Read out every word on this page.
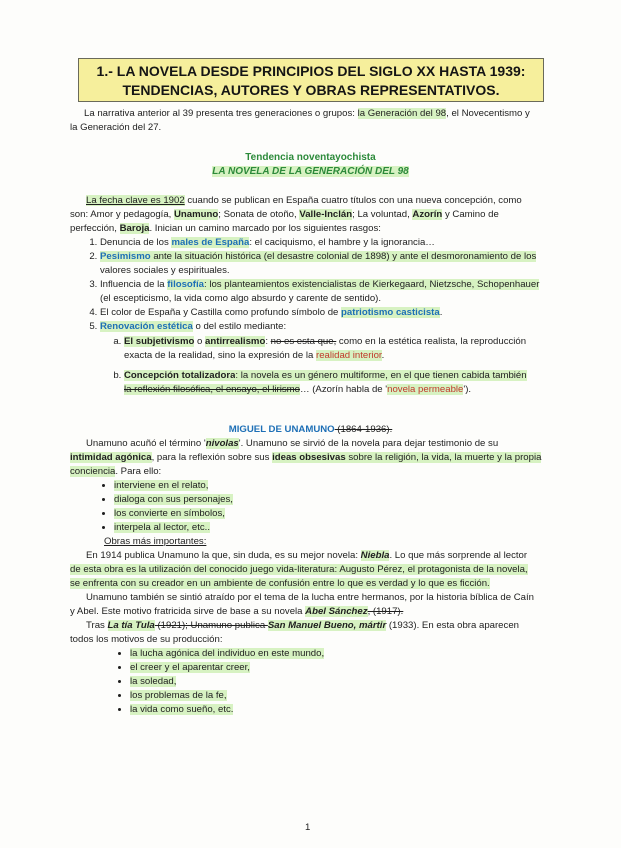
1.- LA NOVELA DESDE PRINCIPIOS DEL SIGLO XX HASTA 1939:
TENDENCIAS, AUTORES Y OBRAS REPRESENTATIVOS.
La narrativa anterior al 39 presenta tres generaciones o grupos: la Generación del 98, el Novecentismo y

la Generación del 27.
Tendencia noventayochista
LA NOVELA DE LA GENERACIÓN DEL 98
La fecha clave es 1902 cuando se publican en España cuatro títulos con una nueva concepción, como
son: Amor y pedagogía, Unamuno; Sonata de otoño, Valle-Inclán; La voluntad, Azorín y Camino de
perfección, Baroja. Inician un camino marcado por los siguientes rasgos:
1. Denuncia de los males de España: el caciquismo, el hambre y la ignorancia…
2. Pesimismo ante la situación histórica (el desastre colonial de 1898) y ante el desmoronamiento de los
valores sociales y espirituales.
3. Influencia de la filosofía: los planteamientos existencialistas de Kierkegaard, Nietzsche, Schopenhauer
(el escepticismo, la vida como algo absurdo y carente de sentido).
4. El color de España y Castilla como profundo símbolo de patriotismo casticista.
5. Renovación estética o del estilo mediante:
a. El subjetivismo o antirrealismo: no es esta que, como en la estética realista, la reproducción
exacta de la realidad, sino la expresión de la realidad interior.
b. Concepción totalizadora: la novela es un género multiforme, en el que tienen cabida también
la reflexión filosófica, el ensayo, el lirismo… (Azorín habla de 'novela permeable').
MIGUEL DE UNAMUNO (1864-1936).
Unamuno acuñó el término 'nivolas'. Unamuno se sirvió de la novela para dejar testimonio de su
intimidad agónica, para la reflexión sobre sus ideas obsesivas sobre la religión, la vida, la muerte y la propia
conciencia. Para ello:
• interviene en el relato,
• dialoga con sus personajes,
• los convierte en símbolos,
• interpela al lector, etc..
Obras más importantes:
En 1914 publica Unamuno la que, sin duda, es su mejor novela: Niebla. Lo que más sorprende al lector
de esta obra es la utilización del conocido juego vida-literatura: Augusto Pérez, el protagonista de la novela,
se enfrenta con su creador en un ambiente de confusión entre lo que es verdad y lo que es ficción.
Unamuno también se sintió atraído por el tema de la lucha entre hermanos, por la historia bíblica de Caín
y Abel. Este motivo fratricida sirve de base a su novela Abel Sánchez, (1917).
Tras La tía Tula (1921); Unamuno publica San Manuel Bueno, mártir (1933). En esta obra aparecen
todos los motivos de su producción:
• la lucha agónica del individuo en este mundo,
• el creer y el aparentar creer,
• la soledad,
• los problemas de la fe,
• la vida como sueño, etc.
1
